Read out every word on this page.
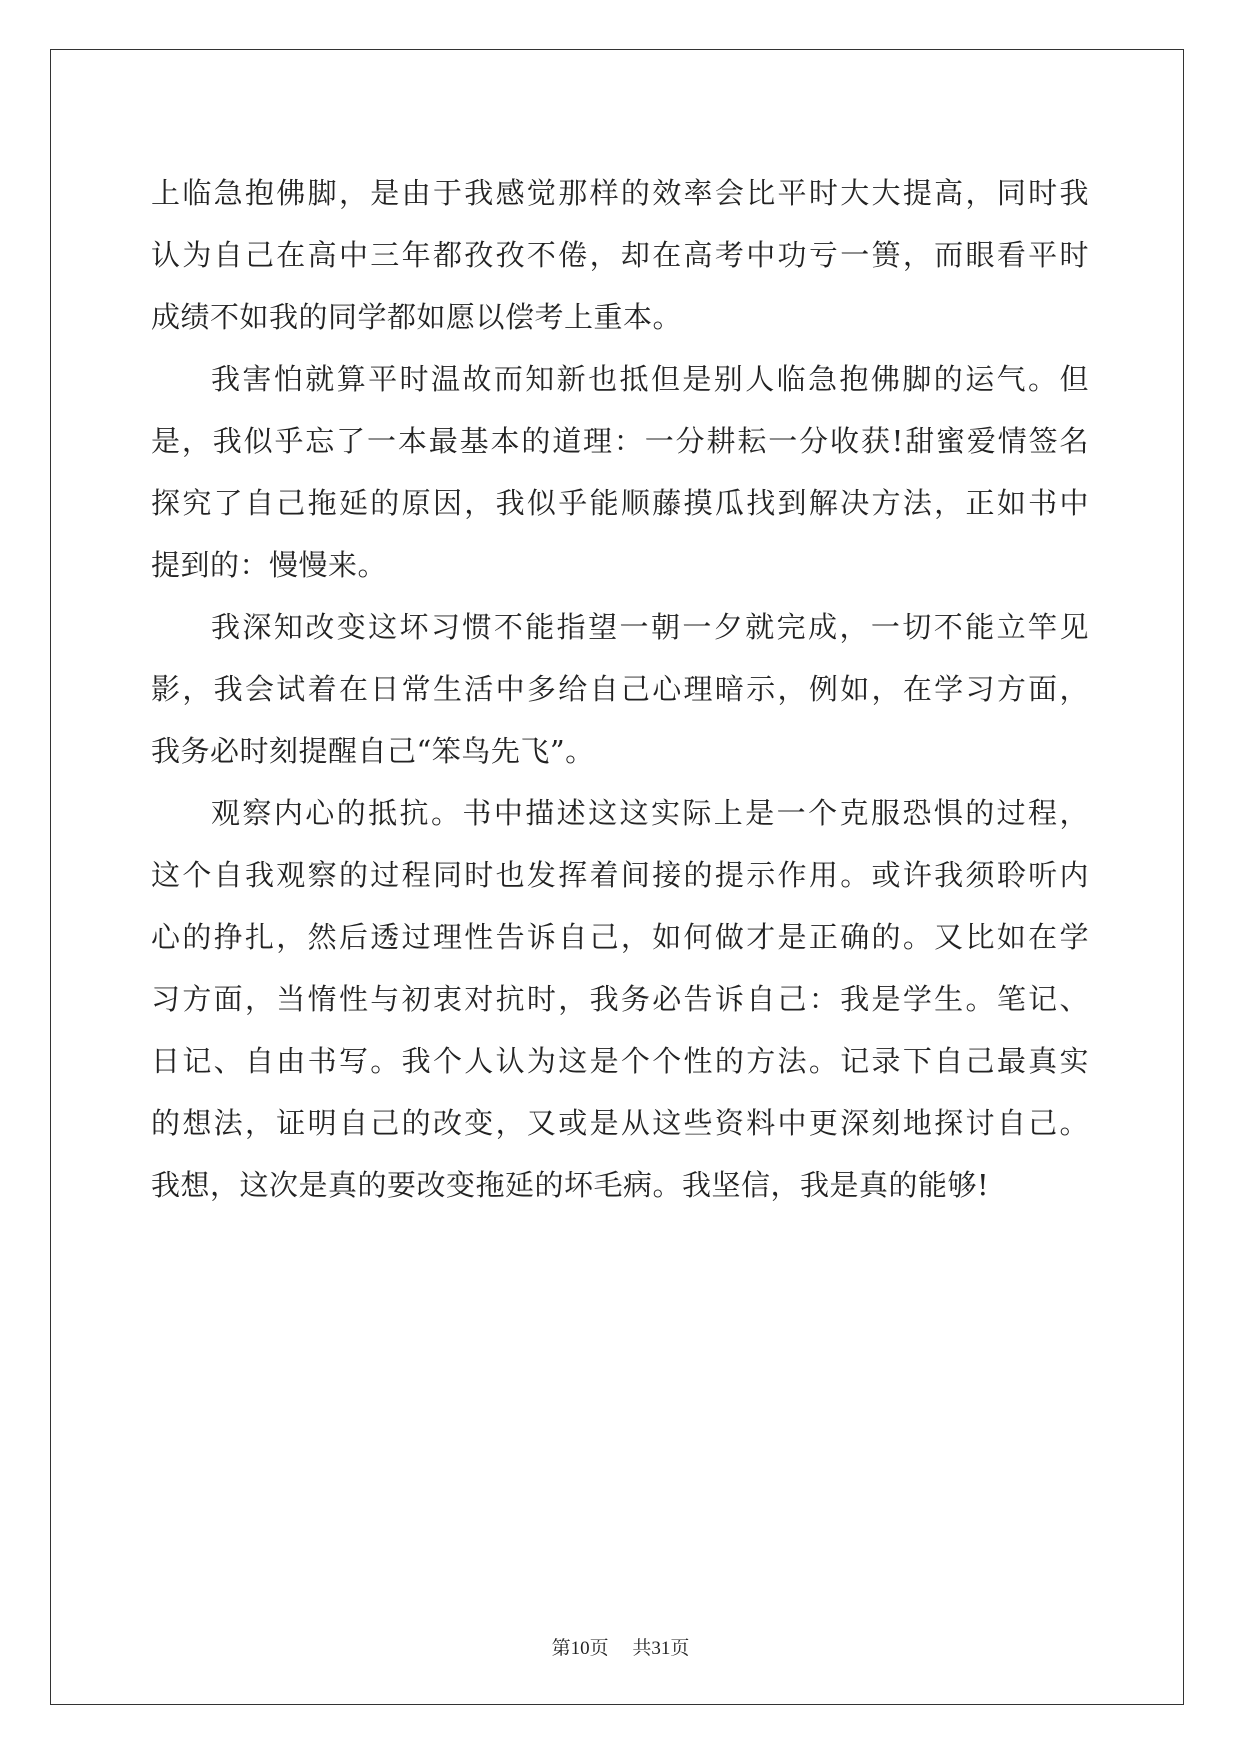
上临急抱佛脚，是由于我感觉那样的效率会比平时大大提高，同时我
认为自己在高中三年都孜孜不倦，却在高考中功亏一篑，而眼看平时
成绩不如我的同学都如愿以偿考上重本。
我害怕就算平时温故而知新也抵但是别人临急抱佛脚的运气。但
是，我似乎忘了一本最基本的道理：一分耕耘一分收获!甜蜜爱情签名
探究了自己拖延的原因，我似乎能顺藤摸瓜找到解决方法，正如书中
提到的：慢慢来。
我深知改变这坏习惯不能指望一朝一夕就完成，一切不能立竿见
影，我会试着在日常生活中多给自己心理暗示，例如，在学习方面，
我务必时刻提醒自己“笨鸟先飞”。
观察内心的抵抗。书中描述这这实际上是一个克服恐惧的过程，
这个自我观察的过程同时也发挥着间接的提示作用。或许我须聆听内
心的挣扎，然后透过理性告诉自己，如何做才是正确的。又比如在学
习方面，当惰性与初衷对抗时，我务必告诉自己：我是学生。笔记、
日记、自由书写。我个人认为这是个个性的方法。记录下自己最真实
的想法，证明自己的改变，又或是从这些资料中更深刻地探讨自己。
我想，这次是真的要改变拖延的坏毛病。我坚信，我是真的能够!
第10页 共31页
